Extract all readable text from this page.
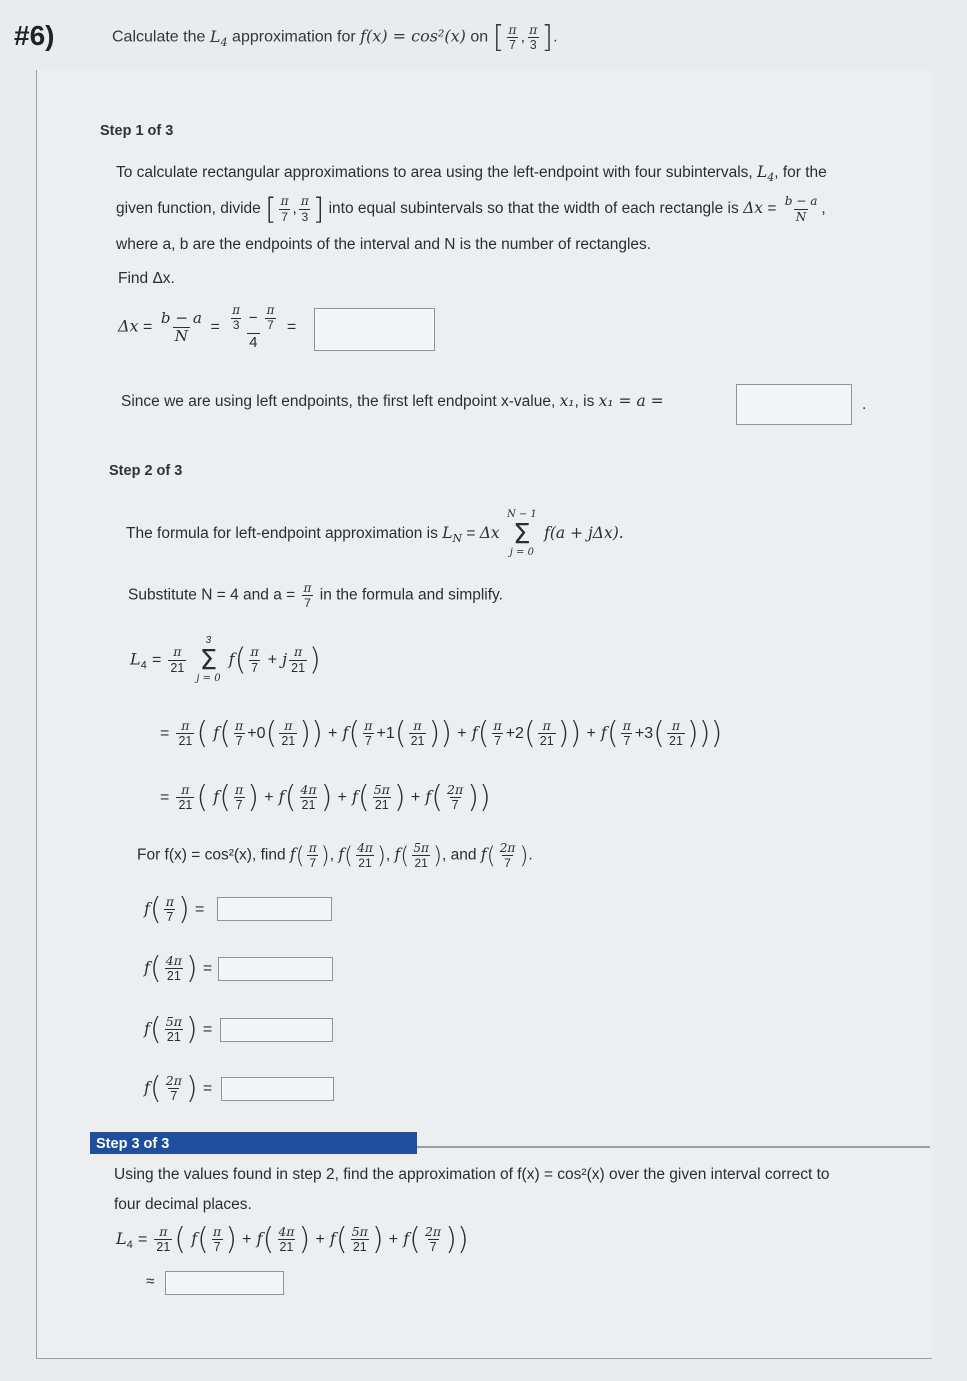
#6)	Calculate the $L_4$ approximation for f(x) = cos²(x) on [ $\frac{\pi}{7}$ , $\frac{\pi}{3}$ ].
Step 1 of 3
To calculate rectangular approximations to area using the left-endpoint with four subintervals, $L_4$, for the
given function, divide [ $\frac{\pi}{7}$ , $\frac{\pi}{3}$ ] into equal subintervals so that the width of each rectangle is $\Delta x = \frac{b - a}{N}$ ,
where a, b are the endpoints of the interval and N is the number of rectangles.
Find Δx.
$\Delta x = \frac{b - a}{N} = \frac{\frac{\pi}{3} - \frac{\pi}{7}}{4}$ =
Since we are using left endpoints, the first left endpoint x-value, x₁, is x₁ = a =	.
Step 2 of 3
The formula for left-endpoint approximation is $L_N = \Delta x$
N − 1
Σ
j = 0
f(a + jΔx).
Substitute N = 4 and $a = \frac{\pi}{7}$ in the formula and simplify.
$L_4 = \frac{\pi}{21}$

3
Σ
j = 0
$f( \frac{\pi}{7} + j \frac{\pi}{21}$ )
= $\frac{\pi}{21}$ ( $f( \frac{\pi}{7} +0( \frac{\pi}{21}$ )) + $f( \frac{\pi}{7} +1( \frac{\pi}{21}$ )) + $f( \frac{\pi}{7} +2( \frac{\pi}{21}$ )) + $f( \frac{\pi}{7} +3( \frac{\pi}{21}$ )))
= $\frac{\pi}{21}$ ( $f( \frac{\pi}{7}$ ) + $f( \frac{4\pi}{21}$ ) + $f( \frac{5\pi}{21}$ ) + $f( \frac{2\pi}{7}$ ))
For f(x) = cos²(x), find $f( \frac{\pi}{7}$ ), $f( \frac{4\pi}{21}$ ), $f( \frac{5\pi}{21}$ ), and $f( \frac{2\pi}{7}$ ).
$f( \frac{\pi}{7}$ ) =
$f( \frac{4\pi}{21}$ ) =
$f( \frac{5\pi}{21}$ ) =
$f( \frac{2\pi}{7}$ ) =
Step 3 of 3
Using the values found in step 2, find the approximation of f(x) = cos²(x) over the given interval correct to
four decimal places.
$L_4 = \frac{\pi}{21}$ ( $f( \frac{\pi}{7}$ ) + $f( \frac{4\pi}{21}$ ) + $f( \frac{5\pi}{21}$ ) + $f( \frac{2\pi}{7}$ ))
≈
